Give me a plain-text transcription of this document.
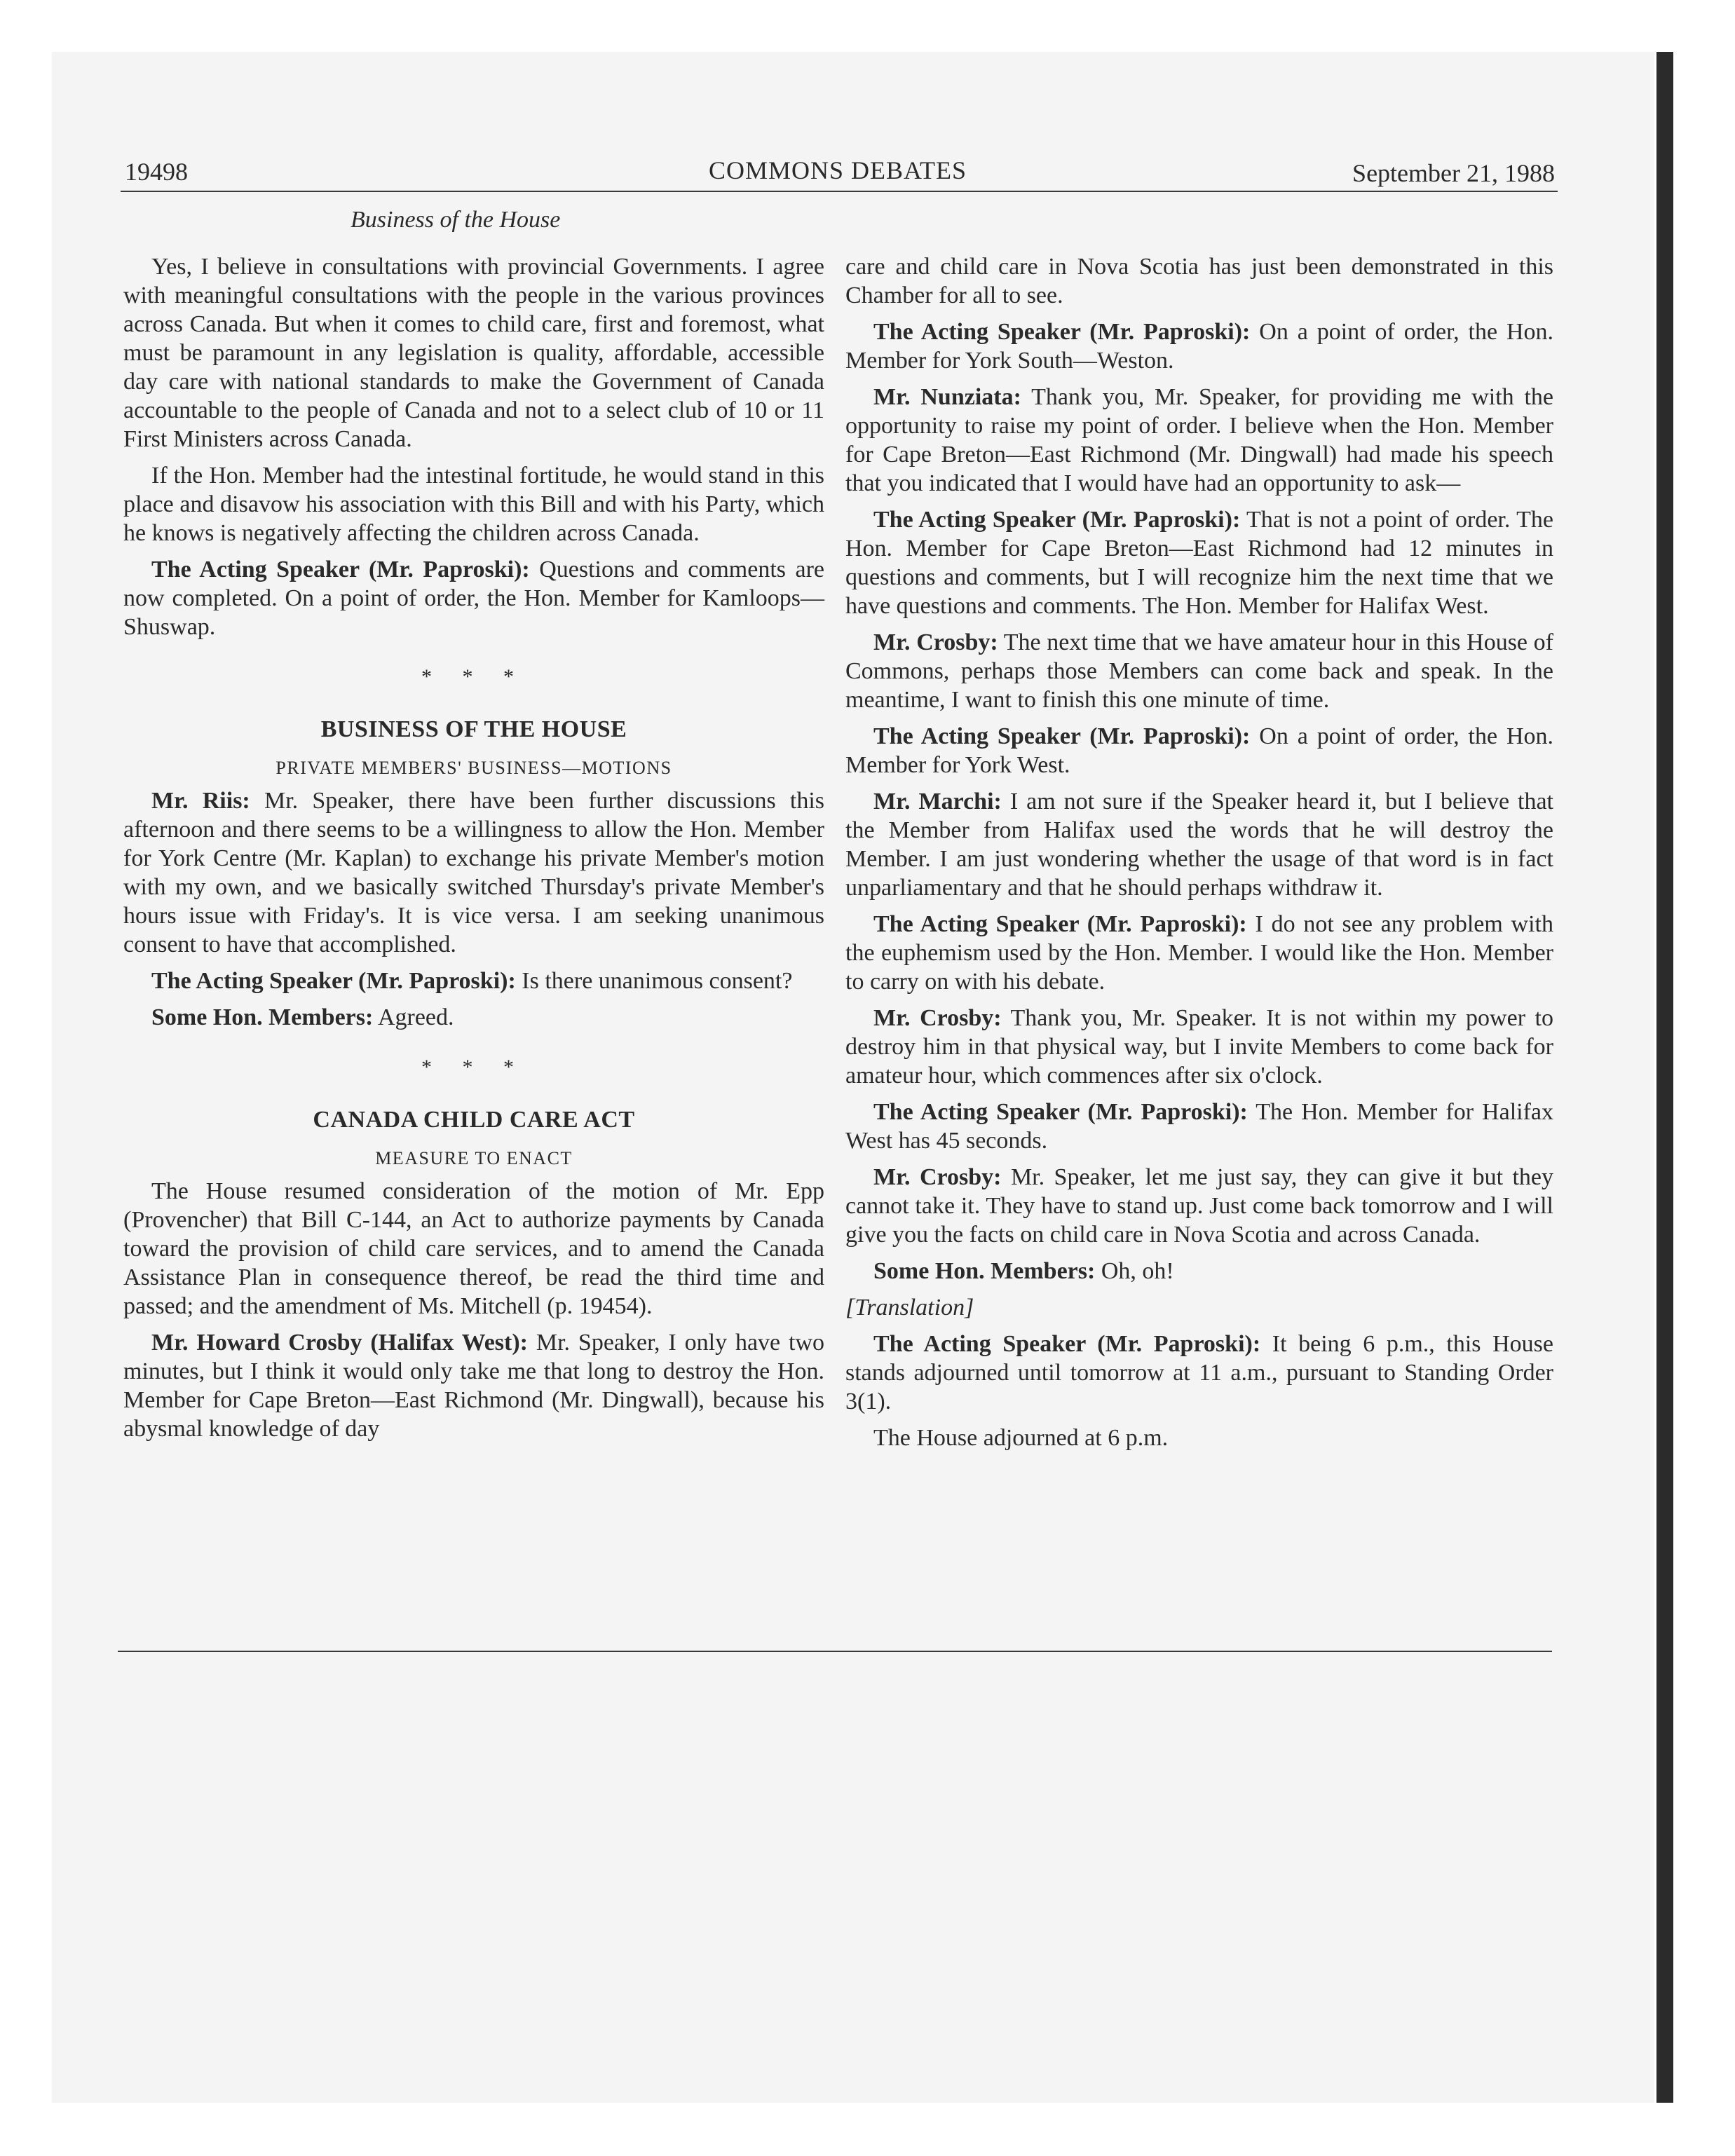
19498	COMMONS DEBATES	September 21, 1988
Business of the House

Yes, I believe in consultations with provincial Governments. I agree with meaningful consultations with the people in the various provinces across Canada. But when it comes to child care, first and foremost, what must be paramount in any legislation is quality, affordable, accessible day care with national standards to make the Government of Canada accountable to the people of Canada and not to a select club of 10 or 11 First Ministers across Canada.

If the Hon. Member had the intestinal fortitude, he would stand in this place and disavow his association with this Bill and with his Party, which he knows is negatively affecting the children across Canada.

The Acting Speaker (Mr. Paproski): Questions and comments are now completed. On a point of order, the Hon. Member for Kamloops—Shuswap.

* * *
BUSINESS OF THE HOUSE
PRIVATE MEMBERS' BUSINESS—MOTIONS

Mr. Riis: Mr. Speaker, there have been further discussions this afternoon and there seems to be a willingness to allow the Hon. Member for York Centre (Mr. Kaplan) to exchange his private Member's motion with my own, and we basically switched Thursday's private Member's hours issue with Friday's. It is vice versa. I am seeking unanimous consent to have that accomplished.

The Acting Speaker (Mr. Paproski): Is there unanimous consent?

Some Hon. Members: Agreed.

* * *
CANADA CHILD CARE ACT
MEASURE TO ENACT

The House resumed consideration of the motion of Mr. Epp (Provencher) that Bill C-144, an Act to authorize payments by Canada toward the provision of child care services, and to amend the Canada Assistance Plan in consequence thereof, be read the third time and passed; and the amendment of Ms. Mitchell (p. 19454).

Mr. Howard Crosby (Halifax West): Mr. Speaker, I only have two minutes, but I think it would only take me that long to destroy the Hon. Member for Cape Breton—East Richmond (Mr. Dingwall), because his abysmal knowledge of day

care and child care in Nova Scotia has just been demonstrated in this Chamber for all to see.

The Acting Speaker (Mr. Paproski): On a point of order, the Hon. Member for York South—Weston.

Mr. Nunziata: Thank you, Mr. Speaker, for providing me with the opportunity to raise my point of order. I believe when the Hon. Member for Cape Breton—East Richmond (Mr. Dingwall) had made his speech that you indicated that I would have had an opportunity to ask—

The Acting Speaker (Mr. Paproski): That is not a point of order. The Hon. Member for Cape Breton—East Richmond had 12 minutes in questions and comments, but I will recognize him the next time that we have questions and comments. The Hon. Member for Halifax West.

Mr. Crosby: The next time that we have amateur hour in this House of Commons, perhaps those Members can come back and speak. In the meantime, I want to finish this one minute of time.

The Acting Speaker (Mr. Paproski): On a point of order, the Hon. Member for York West.

Mr. Marchi: I am not sure if the Speaker heard it, but I believe that the Member from Halifax used the words that he will destroy the Member. I am just wondering whether the usage of that word is in fact unparliamentary and that he should perhaps withdraw it.

The Acting Speaker (Mr. Paproski): I do not see any problem with the euphemism used by the Hon. Member. I would like the Hon. Member to carry on with his debate.

Mr. Crosby: Thank you, Mr. Speaker. It is not within my power to destroy him in that physical way, but I invite Members to come back for amateur hour, which commences after six o'clock.

The Acting Speaker (Mr. Paproski): The Hon. Member for Halifax West has 45 seconds.

Mr. Crosby: Mr. Speaker, let me just say, they can give it but they cannot take it. They have to stand up. Just come back tomorrow and I will give you the facts on child care in Nova Scotia and across Canada.

Some Hon. Members: Oh, oh!

[Translation]

The Acting Speaker (Mr. Paproski): It being 6 p.m., this House stands adjourned until tomorrow at 11 a.m., pursuant to Standing Order 3(1).

The House adjourned at 6 p.m.
